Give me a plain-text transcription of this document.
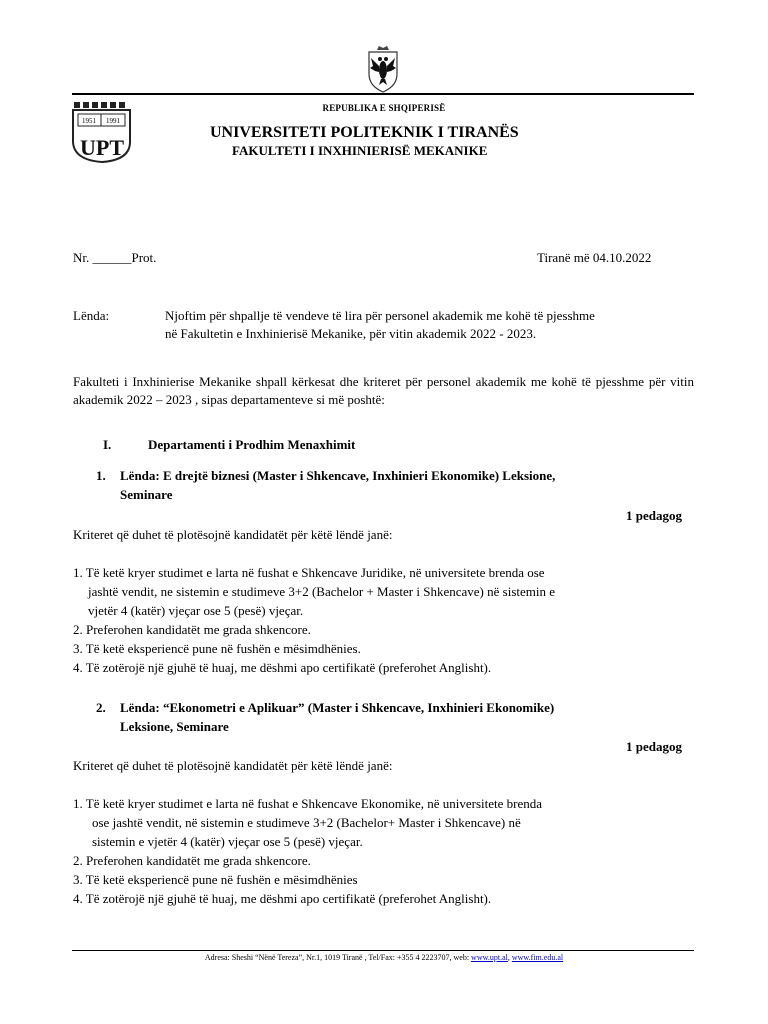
1951 1991
UPT
REPUBLIKA E SHQIPERISË
UNIVERSITETI POLITEKNIK I TIRANËS
FAKULTETI I INXHINIERISË MEKANIKE
Nr. ______Prot.	Tiranë më 04.10.2022
Lënda:	Njoftim për shpallje të vendeve të lira për personel akademik me kohë të pjesshme
në Fakultetin e Inxhinierisë Mekanike, për vitin akademik 2022 - 2023.
Fakulteti i Inxhinierise Mekanike shpall kërkesat dhe kriteret për personel akademik me kohë të pjesshme për vitin akademik 2022 – 2023 , sipas departamenteve si më poshtë:
I.	Departamenti i Prodhim Menaxhimit
1. Lënda: E drejtë biznesi (Master i Shkencave, Inxhinieri Ekonomike) Leksione,
Seminare
1 pedagog
Kriteret që duhet të plotësojnë kandidatët për këtë lëndë janë:
1. Të ketë kryer studimet e larta në fushat e Shkencave Juridike, në universitete brenda ose
jashtë vendit, ne sistemin e studimeve 3+2 (Bachelor + Master i Shkencave) në sistemin e
vjetër 4 (katër) vjeçar ose 5 (pesë) vjeçar.
2. Preferohen kandidatët me grada shkencore.
3. Të ketë eksperiencë pune në fushën e mësimdhënies.
4. Të zotërojë një gjuhë të huaj, me dëshmi apo certifikatë (preferohet Anglisht).
2. Lënda: “Ekonometri e Aplikuar” (Master i Shkencave, Inxhinieri Ekonomike)
Leksione, Seminare
1 pedagog
Kriteret që duhet të plotësojnë kandidatët për këtë lëndë janë:
1. Të ketë kryer studimet e larta në fushat e Shkencave Ekonomike, në universitete brenda
ose jashtë vendit, në sistemin e studimeve 3+2 (Bachelor+ Master i Shkencave) në
sistemin e vjetër 4 (katër) vjeçar ose 5 (pesë) vjeçar.
2. Preferohen kandidatët me grada shkencore.
3. Të ketë eksperiencë pune në fushën e mësimdhënies
4. Të zotërojë një gjuhë të huaj, me dëshmi apo certifikatë (preferohet Anglisht).
Adresa: Sheshi “Nënë Tereza”, Nr.1, 1019 Tiranë , Tel/Fax: +355 4 2223707, web: www.upt.al, www.fim.edu.al
